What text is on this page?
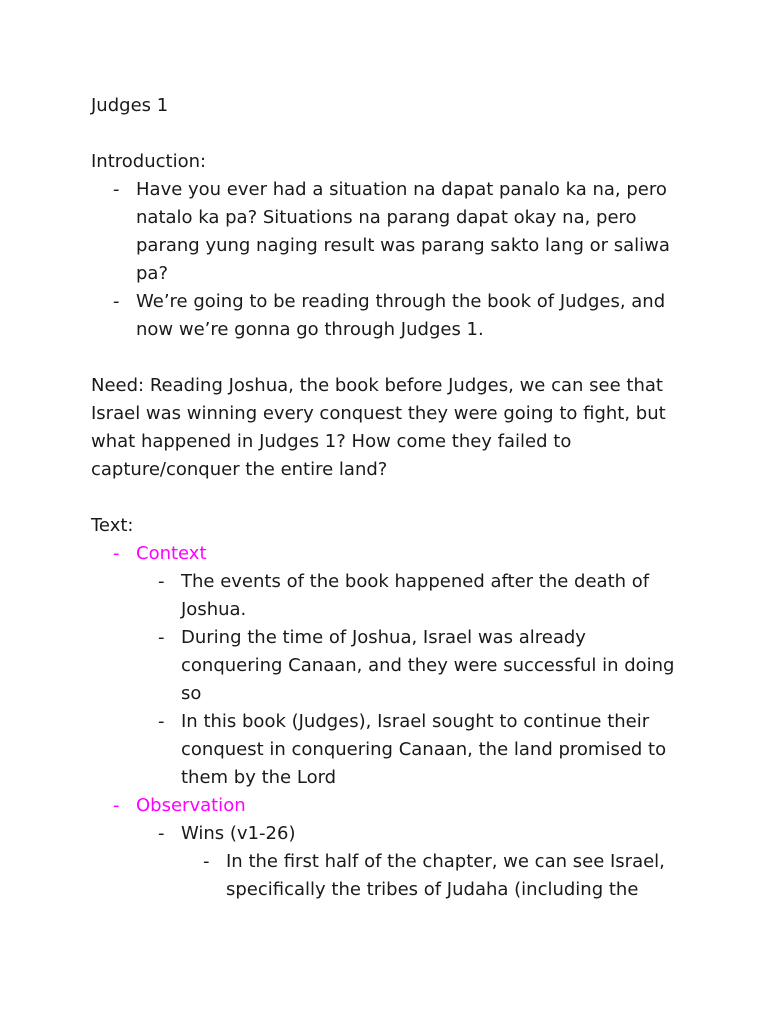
Judges 1

Introduction:

- Have you ever had a situation na dapat panalo ka na, pero natalo ka pa? Situations na parang dapat okay na, pero parang yung naging result was parang sakto lang or saliwa pa?
- We’re going to be reading through the book of Judges, and now we’re gonna go through Judges 1.

Need: Reading Joshua, the book before Judges, we can see that Israel was winning every conquest they were going to fight, but what happened in Judges 1? How come they failed to capture/conquer the entire land?

Text:

- Context
- The events of the book happened after the death of Joshua.
- During the time of Joshua, Israel was already conquering Canaan, and they were successful in doing so
- In this book (Judges), Israel sought to continue their conquest in conquering Canaan, the land promised to them by the Lord
- Observation
- Wins (v1-26)
- In the first half of the chapter, we can see Israel, specifically the tribes of Judaha (including the
